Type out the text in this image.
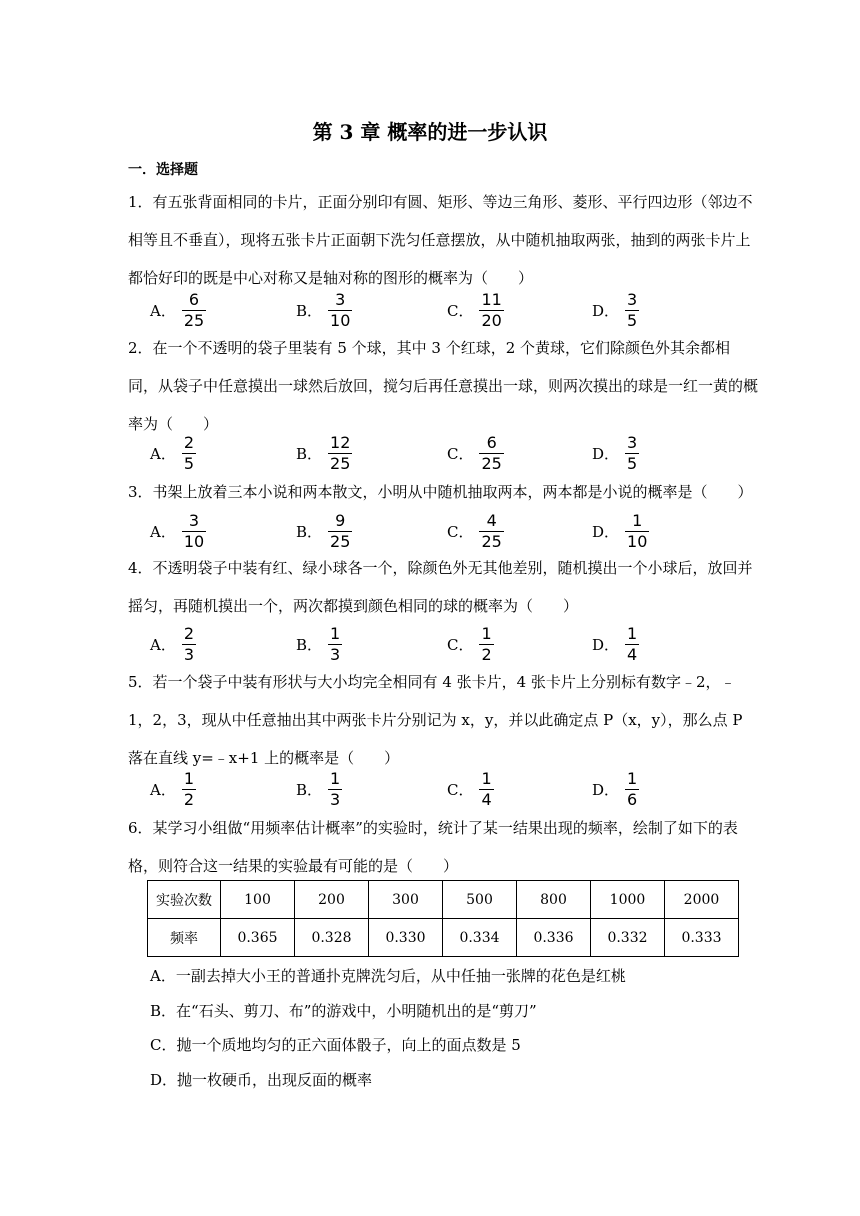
第 3 章 概率的进一步认识
一．选择题
1．有五张背面相同的卡片，正面分别印有圆、矩形、等边三角形、菱形、平行四边形（邻边不相等且不垂直），现将五张卡片正面朝下洗匀任意摆放，从中随机抽取两张，抽到的两张卡片上都恰好印的既是中心对称又是轴对称的图形的概率为（　　）
A． $\frac{6}{25}$	B． $\frac{3}{10}$	C． $\frac{11}{20}$	D． $\frac{3}{5}$
2．在一个不透明的袋子里装有 5 个球，其中 3 个红球，2 个黄球，它们除颜色外其余都相同，从袋子中任意摸出一球然后放回，搅匀后再任意摸出一球，则两次摸出的球是一红一黄的概率为（　　）
A． $\frac{2}{5}$	B． $\frac{12}{25}$	C． $\frac{6}{25}$	D． $\frac{3}{5}$
3．书架上放着三本小说和两本散文，小明从中随机抽取两本，两本都是小说的概率是（　　）
A． $\frac{3}{10}$	B． $\frac{9}{25}$	C． $\frac{4}{25}$	D． $\frac{1}{10}$
4．不透明袋子中装有红、绿小球各一个，除颜色外无其他差别，随机摸出一个小球后，放回并摇匀，再随机摸出一个，两次都摸到颜色相同的球的概率为（　　）
A． $\frac{2}{3}$	B． $\frac{1}{3}$	C． $\frac{1}{2}$	D． $\frac{1}{4}$
5．若一个袋子中装有形状与大小均完全相同有 4 张卡片，4 张卡片上分别标有数字﹣2，﹣1，2，3，现从中任意抽出其中两张卡片分别记为 x，y，并以此确定点 P（x，y），那么点 P 落在直线 y=﹣x+1 上的概率是（　　）
A． $\frac{1}{2}$	B． $\frac{1}{3}$	C． $\frac{1}{4}$	D． $\frac{1}{6}$
6．某学习小组做“用频率估计概率”的实验时，统计了某一结果出现的频率，绘制了如下的表格，则符合这一结果的实验最有可能的是（　　）
实验次数	100	200	300	500	800	1000	2000
频率	0.365	0.328	0.330	0.334	0.336	0.332	0.333
A．一副去掉大小王的普通扑克牌洗匀后，从中任抽一张牌的花色是红桃
B．在“石头、剪刀、布”的游戏中，小明随机出的是“剪刀”
C．抛一个质地均匀的正六面体骰子，向上的面点数是 5
D．抛一枚硬币，出现反面的概率
